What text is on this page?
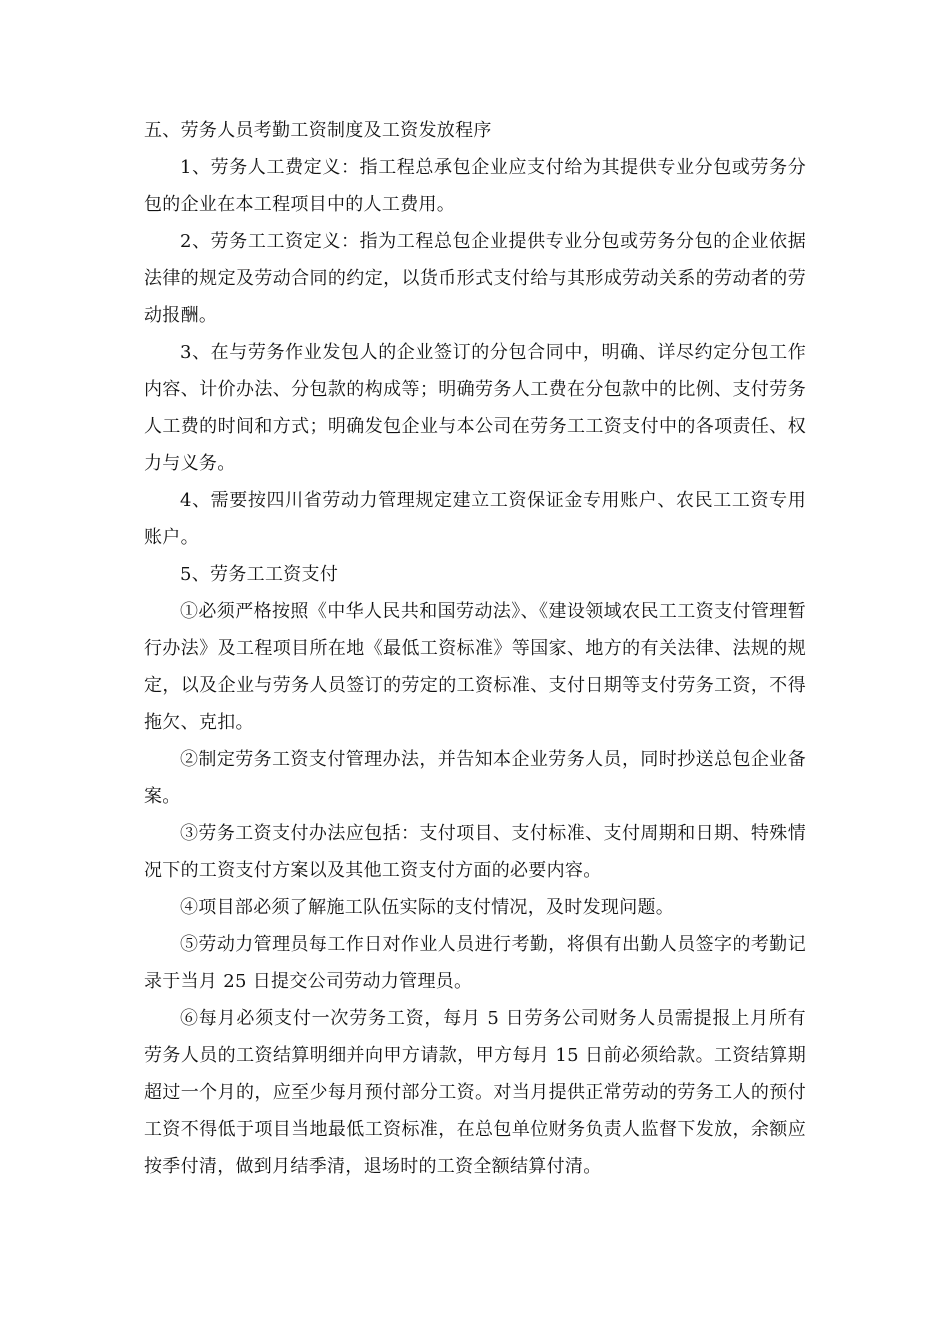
五、劳务人员考勤工资制度及工资发放程序

1、劳务人工费定义：指工程总承包企业应支付给为其提供专业分包或劳务分包的企业在本工程项目中的人工费用。

2、劳务工工资定义：指为工程总包企业提供专业分包或劳务分包的企业依据法律的规定及劳动合同的约定，以货币形式支付给与其形成劳动关系的劳动者的劳动报酬。

3、在与劳务作业发包人的企业签订的分包合同中，明确、详尽约定分包工作内容、计价办法、分包款的构成等；明确劳务人工费在分包款中的比例、支付劳务人工费的时间和方式；明确发包企业与本公司在劳务工工资支付中的各项责任、权力与义务。

4、需要按四川省劳动力管理规定建立工资保证金专用账户、农民工工资专用账户。

5、劳务工工资支付

①必须严格按照《中华人民共和国劳动法》、《建设领域农民工工资支付管理暂行办法》及工程项目所在地《最低工资标准》等国家、地方的有关法律、法规的规定，以及企业与劳务人员签订的劳定的工资标准、支付日期等支付劳务工资，不得拖欠、克扣。

②制定劳务工资支付管理办法，并告知本企业劳务人员，同时抄送总包企业备案。

③劳务工资支付办法应包括：支付项目、支付标准、支付周期和日期、特殊情况下的工资支付方案以及其他工资支付方面的必要内容。

④项目部必须了解施工队伍实际的支付情况，及时发现问题。

⑤劳动力管理员每工作日对作业人员进行考勤，将俱有出勤人员签字的考勤记录于当月 25 日提交公司劳动力管理员。

⑥每月必须支付一次劳务工资，每月 5 日劳务公司财务人员需提报上月所有劳务人员的工资结算明细并向甲方请款，甲方每月 15 日前必须给款。工资结算期超过一个月的，应至少每月预付部分工资。对当月提供正常劳动的劳务工人的预付工资不得低于项目当地最低工资标准，在总包单位财务负责人监督下发放，余额应按季付清，做到月结季清，退场时的工资全额结算付清。
